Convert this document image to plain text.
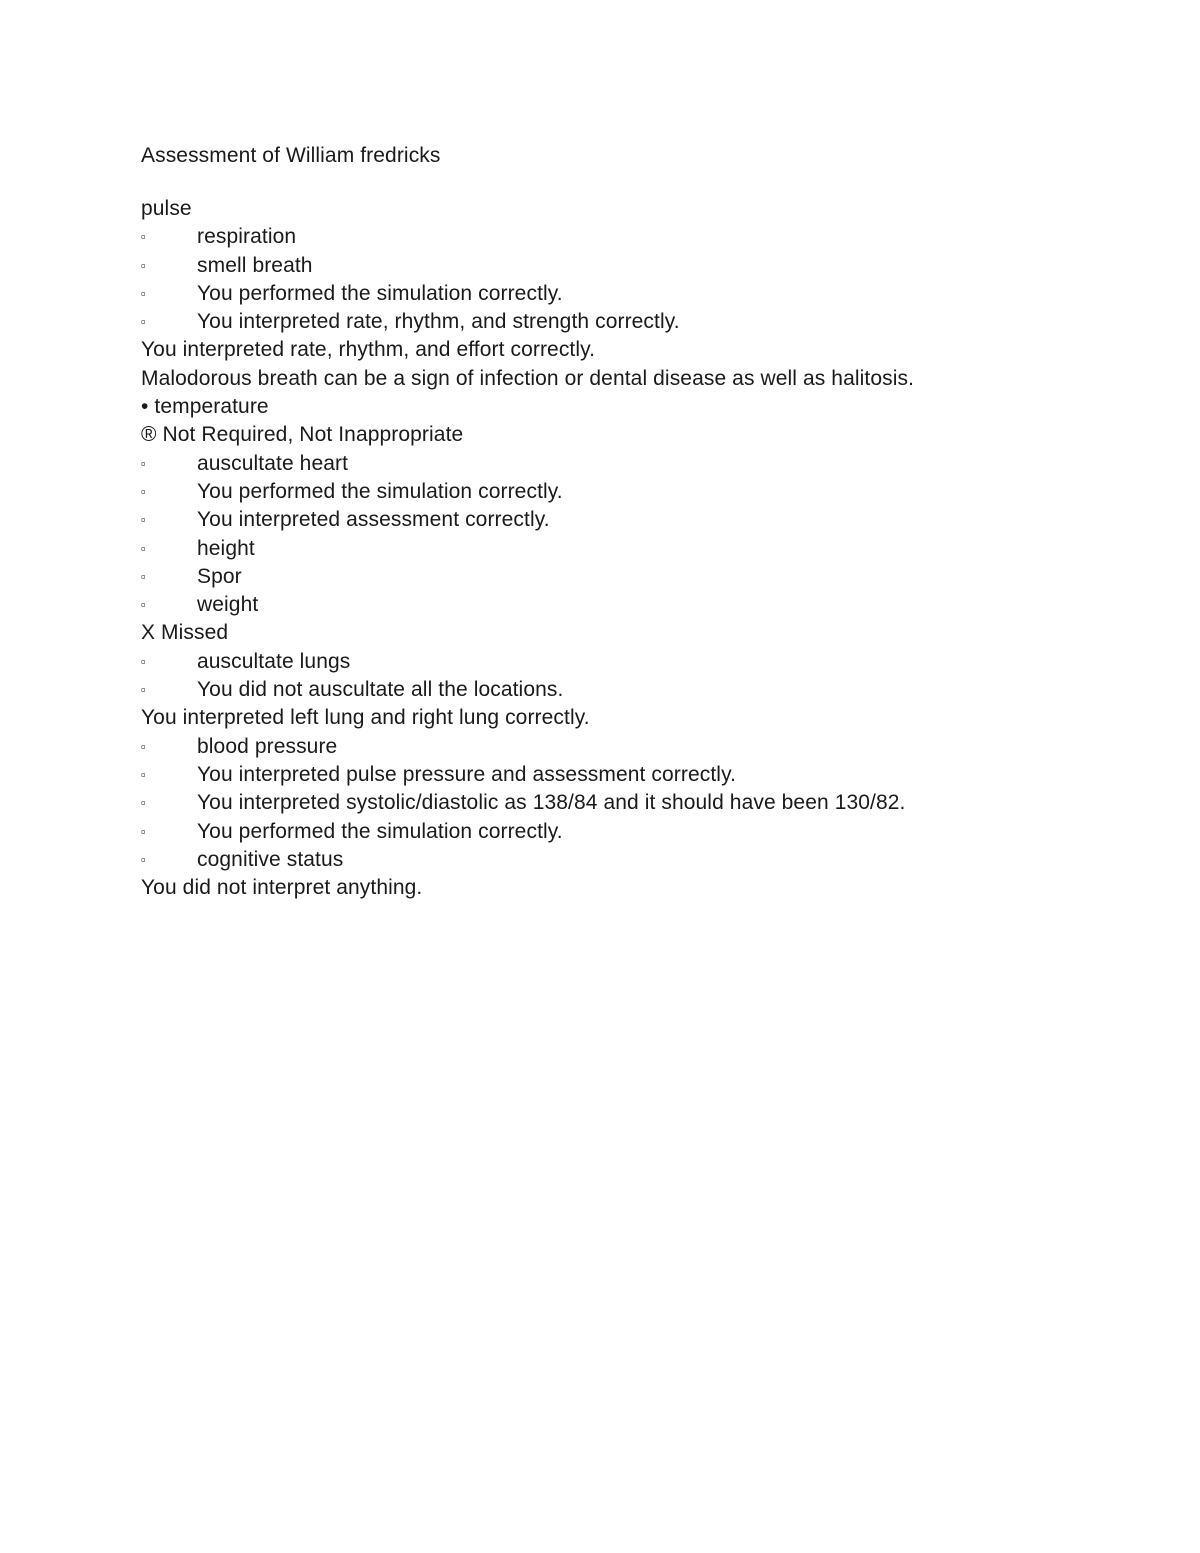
Assessment of William fredricks
pulse
▫	respiration
▫	smell breath
▫	You performed the simulation correctly.
▫	You interpreted rate, rhythm, and strength correctly.
You interpreted rate, rhythm, and effort correctly.
Malodorous breath can be a sign of infection or dental disease as well as halitosis.
• temperature
® Not Required, Not Inappropriate
▫	auscultate heart
▫	You performed the simulation correctly.
▫	You interpreted assessment correctly.
▫	height
▫	Spor
▫	weight
X Missed
▫	auscultate lungs
▫	You did not auscultate all the locations.
You interpreted left lung and right lung correctly.
▫	blood pressure
▫	You interpreted pulse pressure and assessment correctly.
▫	You interpreted systolic/diastolic as 138/84 and it should have been 130/82.
▫	You performed the simulation correctly.
▫	cognitive status
You did not interpret anything.
